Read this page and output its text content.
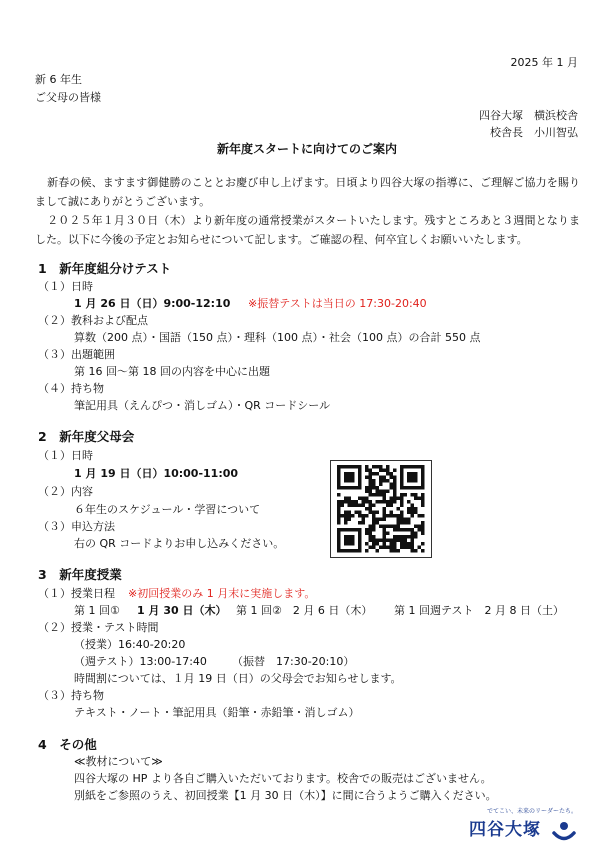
2025 年 1 月
新 6 年生
ご父母の皆様
四谷大塚　横浜校舎
校舎長　小川智弘
新年度スタートに向けてのご案内

新春の候、ますます御健勝のこととお慶び申し上げます。日頃より四谷大塚の指導に、ご理解ご協力を賜りまして誠にありがとうございます。

２０２５年１月３０日（木）より新年度の通常授業がスタートいたします。残すところあと３週間となりました。以下に今後の予定とお知らせについて記します。ご確認の程、何卒宜しくお願いいたします。

1　新年度組分けテスト
（１）日時
1 月 26 日（日）9:00-12:10 ※振替テストは当日の 17:30-20:40
（２）教科および配点
算数（200 点）・国語（150 点）・理科（100 点）・社会（100 点）の合計 550 点
（３）出題範囲
第 16 回～第 18 回の内容を中心に出題
（４）持ち物
筆記用具（えんぴつ・消しゴム）・QR コードシール
2　新年度父母会
（１）日時
1 月 19 日（日）10:00-11:00
（２）内容
６年生のスケジュール・学習について
（３）申込方法
右の QR コードよりお申し込みください。
3　新年度授業
（１）授業日程 ※初回授業のみ 1 月末に実施します。
第 1 回① 1 月 30 日（木） 第 1 回②　2 月 6 日（木） 第 1 回週テスト　2 月 8 日（土）
（２）授業・テスト時間
（授業）16:40-20:20
（週テスト）13:00-17:40 （振替　17:30-20:10）
時間割については、１月 19 日（日）の父母会でお知らせします。
（３）持ち物
テキスト・ノート・筆記用具（鉛筆・赤鉛筆・消しゴム）
4　その他
≪教材について≫
四谷大塚の HP より各自ご購入いただいております。校舎での販売はございません。
別紙をご参照のうえ、初回授業【1 月 30 日（木）】に間に合うようご購入ください。
でてこい、未来のリーダーたち。
四谷大塚
